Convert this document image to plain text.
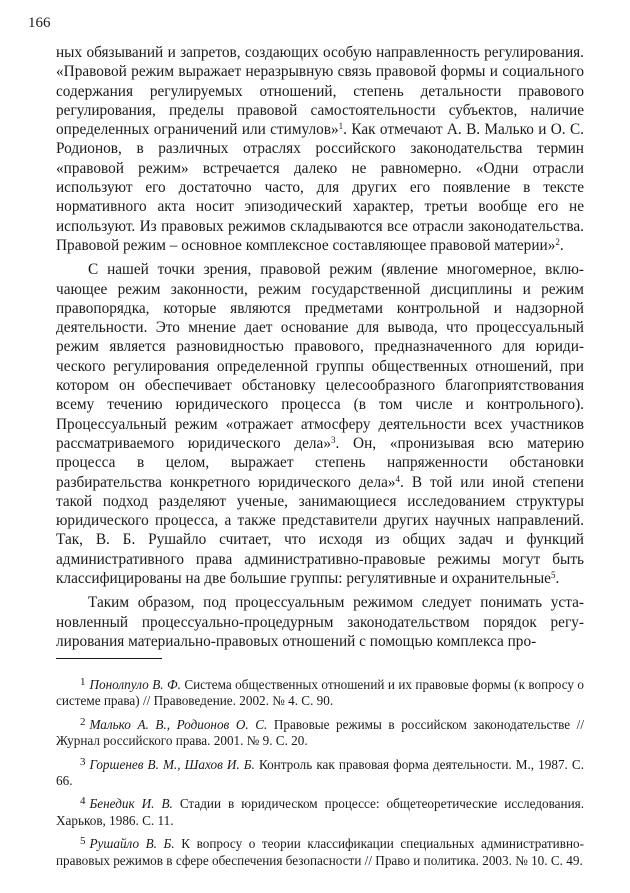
166

ных обязываний и запретов, создающих особую направленность регулирования. «Правовой режим выражает неразрывную связь правовой формы и социального содержания регулируемых отношений, степень детальности правового регулирования, пределы правовой самостоятельности субъектов, наличие определенных ограничений или стимулов»$^1$. Как отмечают А. В. Малько и О. С. Родионов, в различных отраслях российского законодательства термин «правовой режим» встречается далеко не равномерно. «Одни отрасли используют его достаточно часто, для других его появление в тексте нормативного акта носит эпизодический характер, третьи вообще его не используют. Из правовых режимов складываются все отрасли законодательства. Правовой режим – основное комплексное составляющее правовой материи»$^2$.

С нашей точки зрения, правовой режим (явление многомерное, включающее режим законности, режим государственной дисциплины и режим правопорядка, которые являются предметами контрольной и надзорной деятельности. Это мнение дает основание для вывода, что процессуальный режим является разновидностью правового, предназначенного для юридического регулирования определенной группы общественных отношений, при котором он обеспечивает обстановку целесообразного благоприятствования всему течению юридического процесса (в том числе и контрольного). Процессуальный режим «отражает атмосферу деятельности всех участников рассматриваемого юридического дела»$^3$. Он, «пронизывая всю материю процесса в целом, выражает степень напряженности обстановки разбирательства конкретного юридического дела»$^4$. В той или иной степени такой подход разделяют ученые, занимающиеся исследованием структуры юридического процесса, а также представители других научных направлений. Так, В. Б. Рушайло считает, что исходя из общих задач и функций административного права административно-правовые режимы могут быть классифицированы на две большие группы: регулятивные и охранительные$^5$.

Таким образом, под процессуальным режимом следует понимать установленный процессуально-процедурным законодательством порядок регулирования материально-правовых отношений с помощью комплекса про-

$^1$ Понолпуло В. Ф. Система общественных отношений и их правовые формы (к вопросу о системе права) // Правоведение. 2002. № 4. С. 90.

$^2$ Малько А. В., Родионов О. С. Правовые режимы в российском законодательстве // Журнал российского права. 2001. № 9. С. 20.

$^3$ Горшенев В. М., Шахов И. Б. Контроль как правовая форма деятельности. М., 1987. С. 66.

$^4$ Бенедик И. В. Стадии в юридическом процессе: общетеоретические исследования. Харьков, 1986. С. 11.

$^5$ Рушайло В. Б. К вопросу о теории классификации специальных административно-правовых режимов в сфере обеспечения безопасности // Право и политика. 2003. № 10. С. 49.
